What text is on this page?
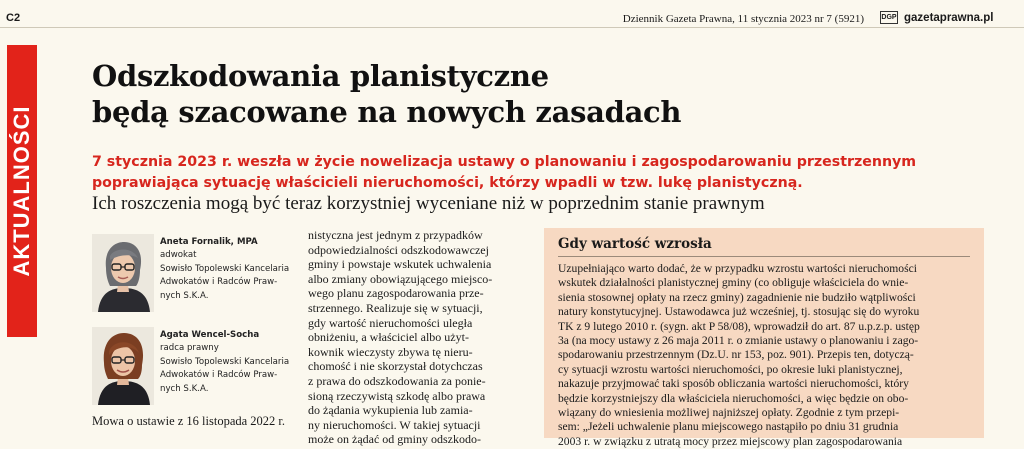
C2	Dziennik Gazeta Prawna, 11 stycznia 2023 nr 7 (5921) DGP gazetaprawna.pl
AKTUALNOŚCI
Odszkodowania planistyczne
będą szacowane na nowych zasadach
7 stycznia 2023 r. weszła w życie nowelizacja ustawy o planowaniu i zagospodarowaniu przestrzennym
poprawiająca sytuację właścicieli nieruchomości, którzy wpadli w tzw. lukę planistyczną.
Ich roszczenia mogą być teraz korzystniej wyceniane niż w poprzednim stanie prawnym
Aneta Fornalik, MPA
adwokat
Sowisło Topolewski Kancelaria
Adwokatów i Radców Praw-
nych S.K.A.
Agata Wencel-Socha
radca prawny
Sowisło Topolewski Kancelaria
Adwokatów i Radców Praw-
nych S.K.A.
Mowa o ustawie z 16 listopada 2022 r.
nistyczna jest jednym z przypadków
odpowiedzialności odszkodowawczej
gminy i powstaje wskutek uchwalenia
albo zmiany obowiązującego miejsco-
wego planu zagospodarowania prze-
strzennego. Realizuje się w sytuacji,
gdy wartość nieruchomości uległa
obniżeniu, a właściciel albo użyt-
kownik wieczysty zbywa tę nieru-
chomość i nie skorzystał dotychczas
z prawa do odszkodowania za ponie-
sioną rzeczywistą szkodę albo prawa
do żądania wykupienia lub zamia-
ny nieruchomości. W takiej sytuacji
może on żądać od gminy odszkodo-
Gdy wartość wzrosła
Uzupełniająco warto dodać, że w przypadku wzrostu wartości nieruchomości
wskutek działalności planistycznej gminy (co obliguje właściciela do wnie-
sienia stosownej opłaty na rzecz gminy) zagadnienie nie budziło wątpliwości
natury konstytucyjnej. Ustawodawca już wcześniej, tj. stosując się do wyroku
TK z 9 lutego 2010 r. (sygn. akt P 58/08), wprowadził do art. 87 u.p.z.p. ustęp
3a (na mocy ustawy z 26 maja 2011 r. o zmianie ustawy o planowaniu i zago-
spodarowaniu przestrzennym (Dz.U. nr 153, poz. 901). Przepis ten, dotyczą-
cy sytuacji wzrostu wartości nieruchomości, po okresie luki planistycznej,
nakazuje przyjmować taki sposób obliczania wartości nieruchomości, który
będzie korzystniejszy dla właściciela nieruchomości, a więc będzie on obo-
wiązany do wniesienia możliwej najniższej opłaty. Zgodnie z tym przepi-
sem: „Jeżeli uchwalenie planu miejscowego nastąpiło po dniu 31 grudnia
2003 r. w związku z utratą mocy przez miejscowy plan zagospodarowania
